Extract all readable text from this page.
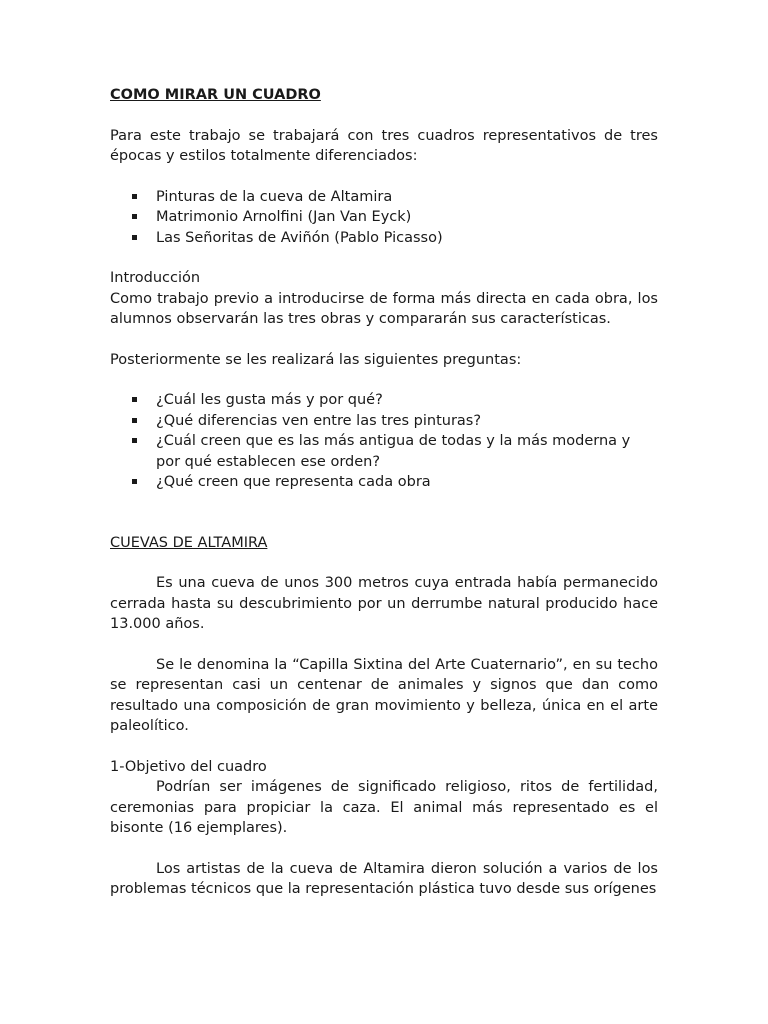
COMO MIRAR UN CUADRO
Para este trabajo se trabajará con tres cuadros representativos de tres épocas y estilos totalmente diferenciados:
Pinturas de la cueva de Altamira
Matrimonio Arnolfini (Jan Van Eyck)
Las Señoritas de Aviñón (Pablo Picasso)
Introducción
Como trabajo previo a introducirse de forma más directa en cada obra, los alumnos observarán las tres obras y compararán sus características.
Posteriormente se les realizará las siguientes preguntas:
¿Cuál les gusta más y por qué?
¿Qué diferencias ven entre las tres pinturas?
¿Cuál creen que es las más antigua de todas y la más moderna y por qué establecen ese orden?
¿Qué creen que representa cada obra
CUEVAS DE ALTAMIRA
Es una cueva de unos 300 metros cuya entrada había permanecido cerrada hasta su descubrimiento por un derrumbe natural producido hace 13.000 años.
Se le denomina la “Capilla Sixtina del Arte Cuaternario”, en su techo se representan casi un centenar de animales y signos que dan como resultado una composición de gran movimiento y belleza, única en el arte paleolítico.
1-Objetivo del cuadro
Podrían ser imágenes de significado religioso, ritos de fertilidad, ceremonias para propiciar la caza. El animal más representado es el bisonte (16 ejemplares).
Los artistas de la cueva de Altamira dieron solución a varios de los problemas técnicos que la representación plástica tuvo desde sus orígenes
